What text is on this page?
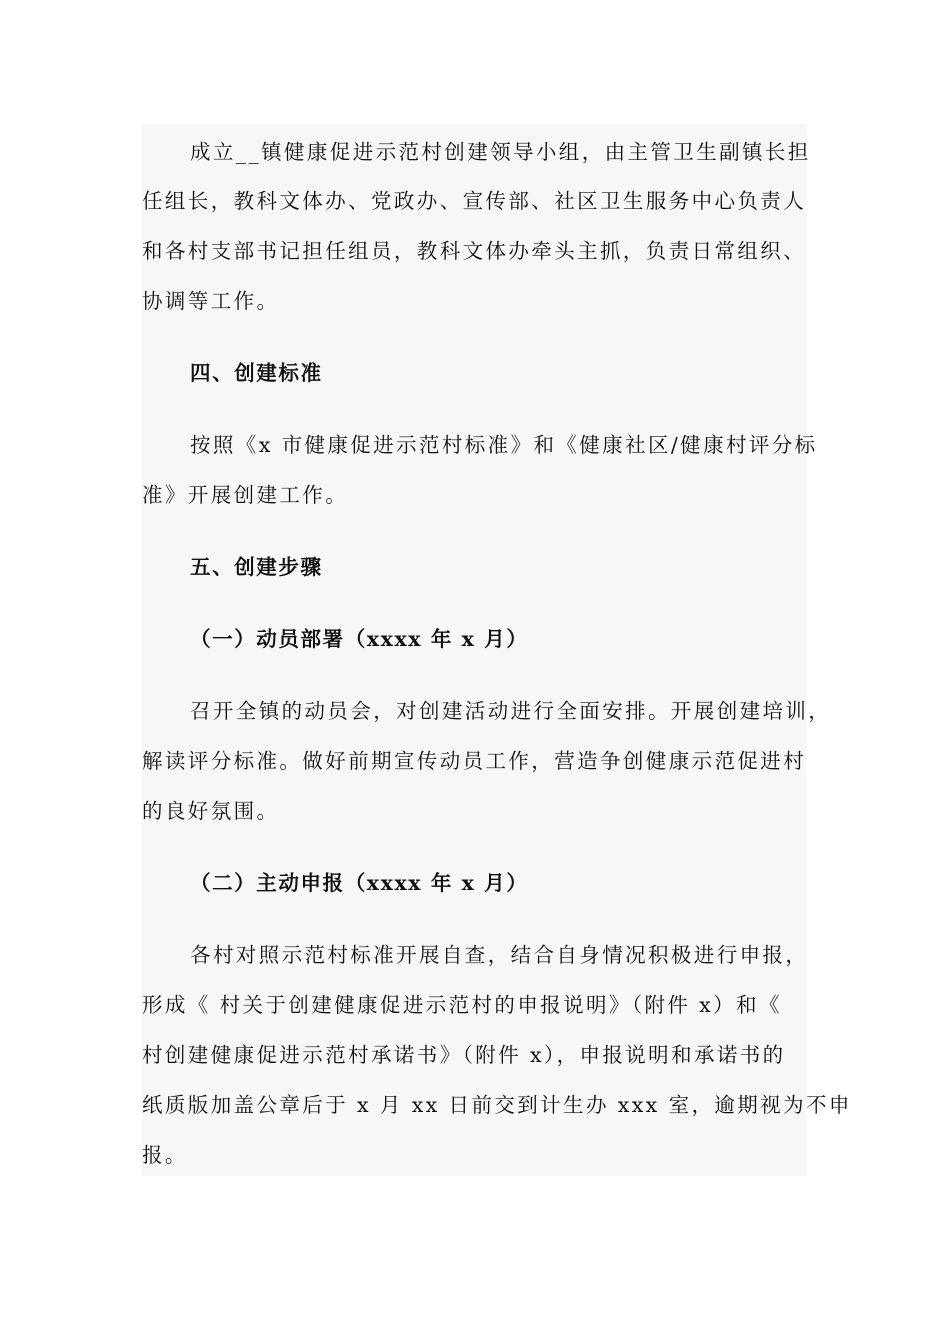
成立__镇健康促进示范村创建领导小组，由主管卫生副镇长担
任组长，教科文体办、党政办、宣传部、社区卫生服务中心负责人
和各村支部书记担任组员，教科文体办牵头主抓，负责日常组织、
协调等工作。
四、创建标准
按照《x 市健康促进示范村标准》和《健康社区/健康村评分标
准》开展创建工作。
五、创建步骤
（一）动员部署（xxxx 年 x 月）
召开全镇的动员会，对创建活动进行全面安排。开展创建培训，
解读评分标准。做好前期宣传动员工作，营造争创健康示范促进村
的良好氛围。
（二）主动申报（xxxx 年 x 月）
各村对照示范村标准开展自查，结合自身情况积极进行申报，
形成《 村关于创建健康促进示范村的申报说明》（附件 x）和《
村创建健康促进示范村承诺书》（附件 x），申报说明和承诺书的
纸质版加盖公章后于 x 月 xx 日前交到计生办 xxx 室，逾期视为不申
报。
